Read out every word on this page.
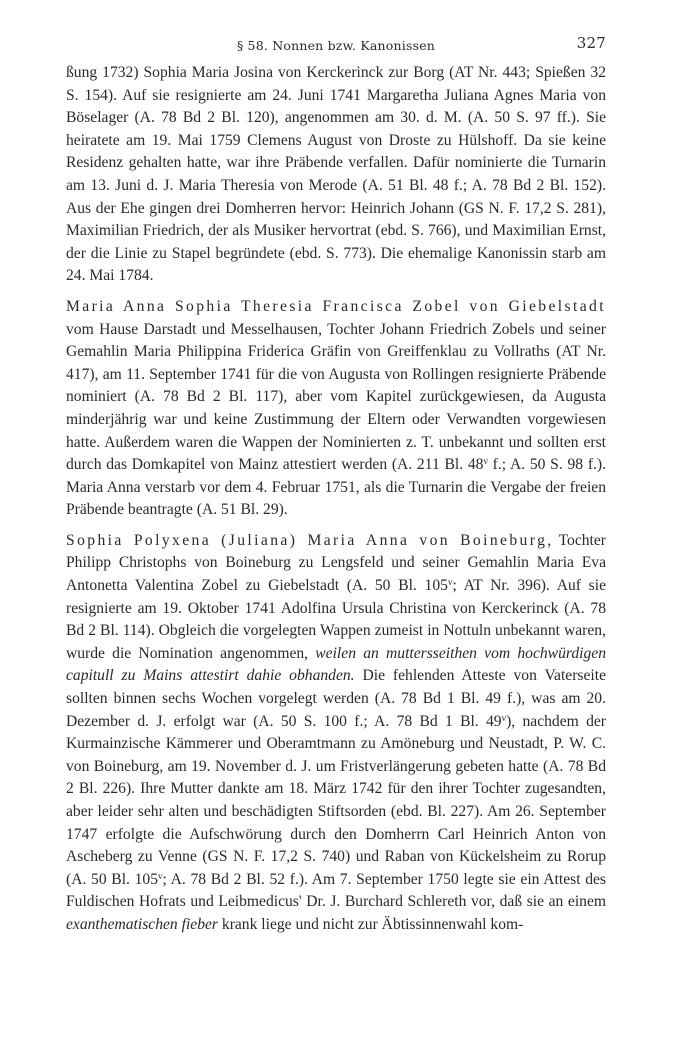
§ 58. Nonnen bzw. Kanonissen	327

ßung 1732) Sophia Maria Josina von Kerckerinck zur Borg (AT Nr. 443; Spießen 32 S. 154). Auf sie resignierte am 24. Juni 1741 Margaretha Juliana Agnes Maria von Böselager (A. 78 Bd 2 Bl. 120), angenommen am 30. d. M. (A. 50 S. 97 ff.). Sie heiratete am 19. Mai 1759 Clemens August von Droste zu Hülshoff. Da sie keine Residenz gehalten hatte, war ihre Präbende verfallen. Dafür nominierte die Turnarin am 13. Juni d. J. Maria Theresia von Merode (A. 51 Bl. 48 f.; A. 78 Bd 2 Bl. 152). Aus der Ehe gingen drei Domherren hervor: Heinrich Johann (GS N. F. 17,2 S. 281), Maximilian Friedrich, der als Musiker hervortrat (ebd. S. 766), und Maximilian Ernst, der die Linie zu Stapel begründete (ebd. S. 773). Die ehemalige Kanonissin starb am 24. Mai 1784.

Maria Anna Sophia Theresia Francisca Zobel von Giebelstadt vom Hause Darstadt und Messelhausen, Tochter Johann Friedrich Zobels und seiner Gemahlin Maria Philippina Friderica Gräfin von Greiffenklau zu Vollraths (AT Nr. 417), am 11. September 1741 für die von Augusta von Rollingen resignierte Präbende nominiert (A. 78 Bd 2 Bl. 117), aber vom Kapitel zurückgewiesen, da Augusta minderjährig war und keine Zustimmung der Eltern oder Verwandten vorgewiesen hatte. Außerdem waren die Wappen der Nominierten z. T. unbekannt und sollten erst durch das Domkapitel von Mainz attestiert werden (A. 211 Bl. 48$^v$ f.; A. 50 S. 98 f.). Maria Anna verstarb vor dem 4. Februar 1751, als die Turnarin die Vergabe der freien Präbende beantragte (A. 51 Bl. 29).

Sophia Polyxena (Juliana) Maria Anna von Boineburg, Tochter Philipp Christophs von Boineburg zu Lengsfeld und seiner Gemahlin Maria Eva Antonetta Valentina Zobel zu Giebelstadt (A. 50 Bl. 105$^v$; AT Nr. 396). Auf sie resignierte am 19. Oktober 1741 Adolfina Ursula Christina von Kerckerinck (A. 78 Bd 2 Bl. 114). Obgleich die vorgelegten Wappen zumeist in Nottuln unbekannt waren, wurde die Nomination angenommen, weilen an muttersseithen vom hochwürdigen capitull zu Mains attestirt dahie obhanden. Die fehlenden Atteste von Vaterseite sollten binnen sechs Wochen vorgelegt werden (A. 78 Bd 1 Bl. 49 f.), was am 20. Dezember d. J. erfolgt war (A. 50 S. 100 f.; A. 78 Bd 1 Bl. 49$^v$), nachdem der Kurmainzische Kämmerer und Oberamtmann zu Amöneburg und Neustadt, P. W. C. von Boineburg, am 19. November d. J. um Fristverlängerung gebeten hatte (A. 78 Bd 2 Bl. 226). Ihre Mutter dankte am 18. März 1742 für den ihrer Tochter zugesandten, aber leider sehr alten und beschädigten Stiftsorden (ebd. Bl. 227). Am 26. September 1747 erfolgte die Aufschwörung durch den Domherrn Carl Heinrich Anton von Ascheberg zu Venne (GS N. F. 17,2 S. 740) und Raban von Kückelsheim zu Rorup (A. 50 Bl. 105$^v$; A. 78 Bd 2 Bl. 52 f.). Am 7. September 1750 legte sie ein Attest des Fuldischen Hofrats und Leibmedicus' Dr. J. Burchard Schlereth vor, daß sie an einem exanthematischen fieber krank liege und nicht zur Äbtissinnenwahl kom-
